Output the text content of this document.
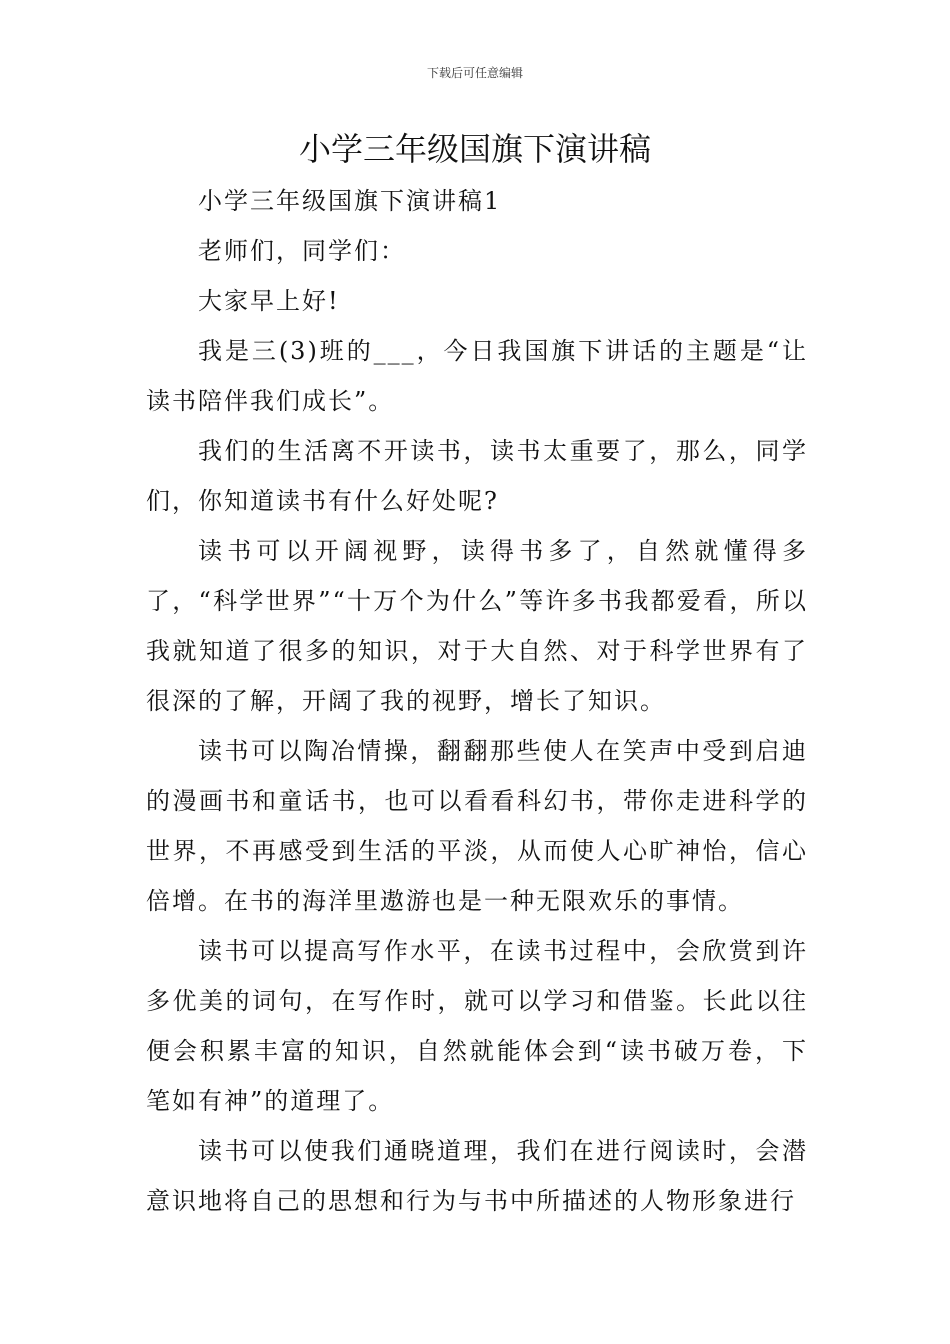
下载后可任意编辑
小学三年级国旗下演讲稿

小学三年级国旗下演讲稿1

老师们，同学们：

大家早上好!

我是三(3)班的___，今日我国旗下讲话的主题是“让读书陪伴我们成长”。

我们的生活离不开读书，读书太重要了，那么，同学们，你知道读书有什么好处呢?

读书可以开阔视野，读得书多了，自然就懂得多了，“科学世界”“十万个为什么”等许多书我都爱看，所以我就知道了很多的知识，对于大自然、对于科学世界有了很深的了解，开阔了我的视野，增长了知识。

读书可以陶冶情操，翻翻那些使人在笑声中受到启迪的漫画书和童话书，也可以看看科幻书，带你走进科学的世界，不再感受到生活的平淡，从而使人心旷神怡，信心倍增。在书的海洋里遨游也是一种无限欢乐的事情。

读书可以提高写作水平，在读书过程中，会欣赏到许多优美的词句，在写作时，就可以学习和借鉴。长此以往便会积累丰富的知识，自然就能体会到“读书破万卷，下笔如有神”的道理了。

读书可以使我们通晓道理，我们在进行阅读时，会潜意识地将自己的思想和行为与书中所描述的人物形象进行
